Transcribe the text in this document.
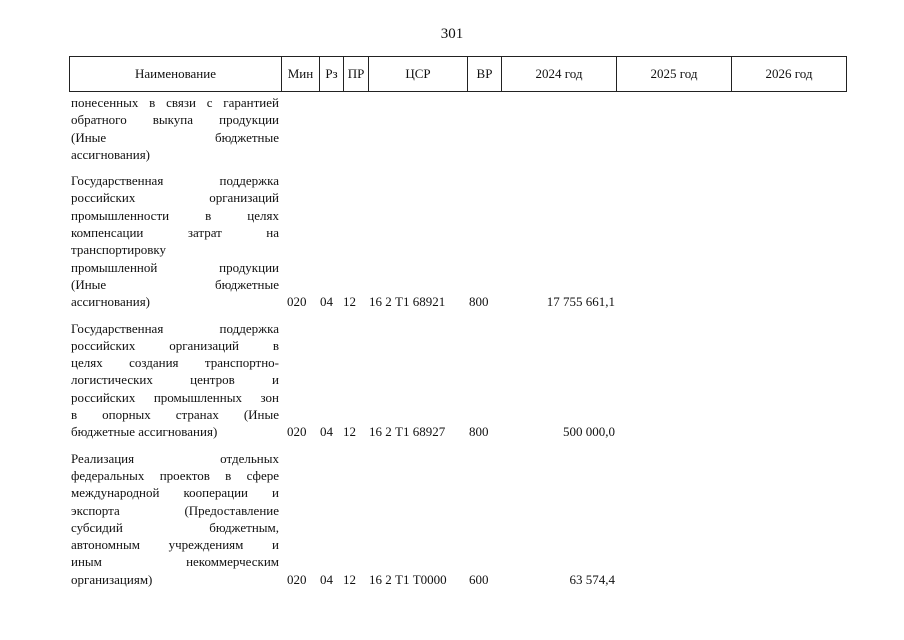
301
Наименование	Мин	Рз	ПР	ЦСР	ВР	2024 год	2025 год	2026 год
понесенных в связи с гарантией
обратного выкупа продукции
(Иные бюджетные
ассигнования)
Государственная поддержка
российских организаций
промышленности в целях
компенсации затрат на
транспортировку
промышленной продукции
(Иные бюджетные
ассигнования)	020	04 12	16 2 Т1 68921	800	17 755 661,1
Государственная поддержка
российских организаций в
целях создания транспортно-
логистических центров и
российских промышленных зон
в опорных странах (Иные
бюджетные ассигнования)	020	04 12	16 2 Т1 68927	800	500 000,0
Реализация отдельных
федеральных проектов в сфере
международной кооперации и
экспорта (Предоставление
субсидий бюджетным,
автономным учреждениям и
иным некоммерческим
организациям)	020	04 12	16 2 Т1 Т0000	600	63 574,4
